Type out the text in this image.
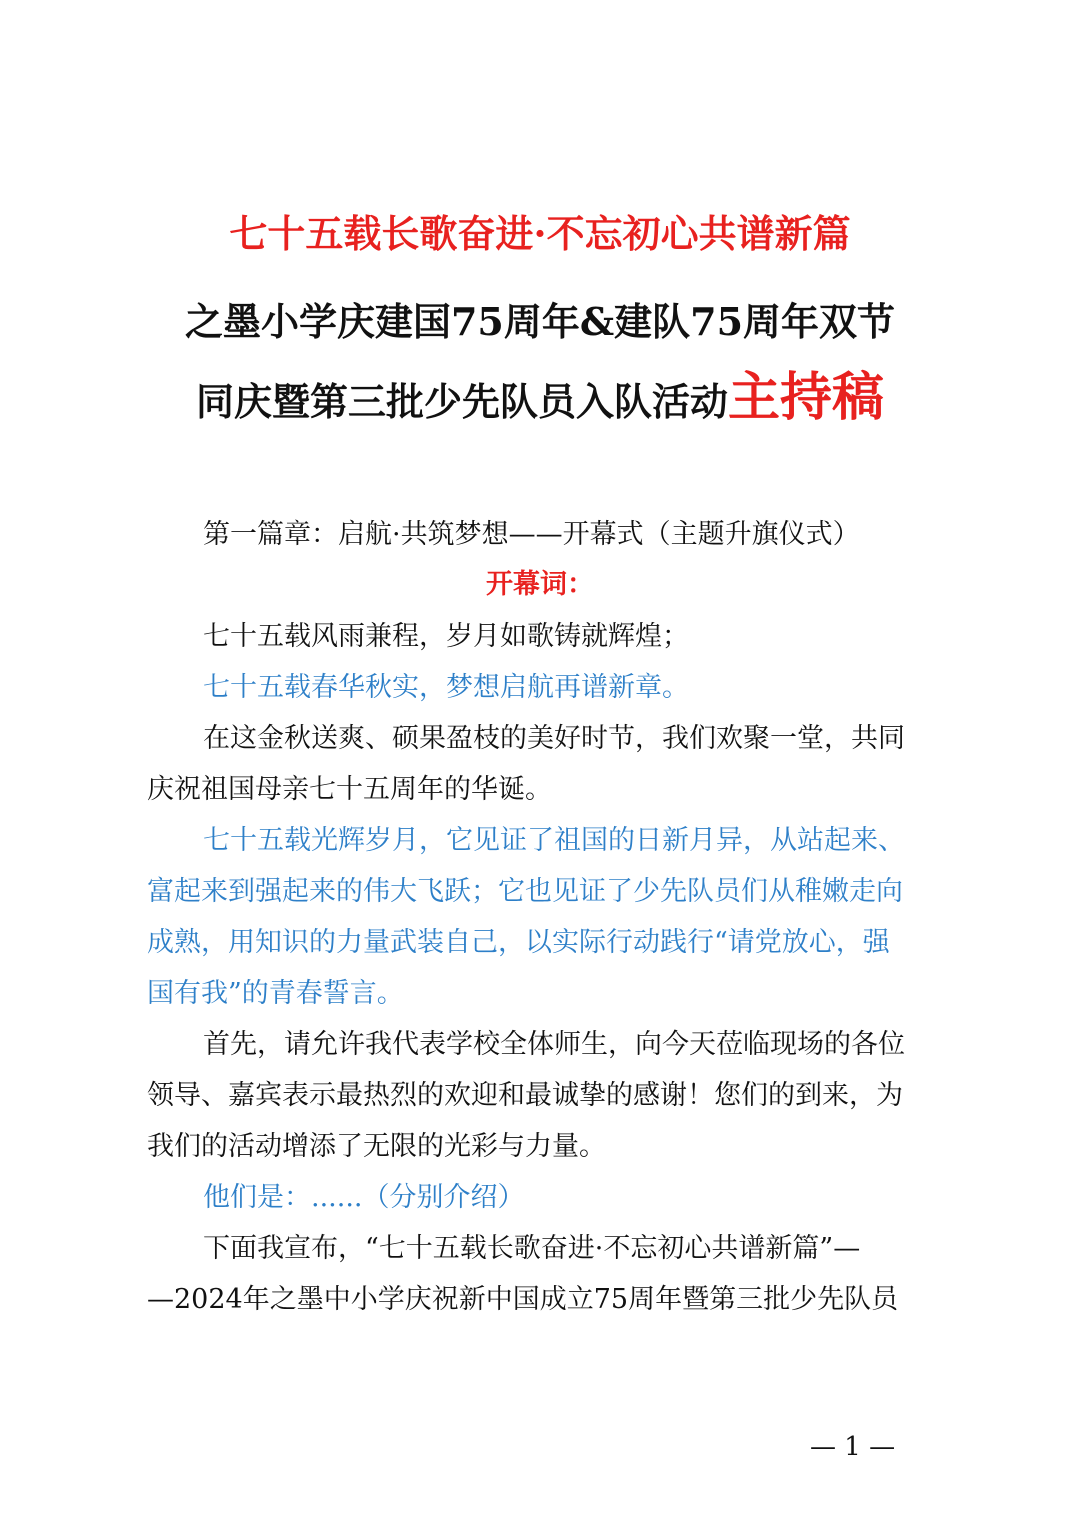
七十五载长歌奋进·不忘初心共谱新篇
之墨小学庆建国75周年&建队75周年双节
同庆暨第三批少先队员入队活动主持稿
第一篇章：启航·共筑梦想——开幕式（主题升旗仪式）
开幕词：
七十五载风雨兼程，岁月如歌铸就辉煌；
七十五载春华秋实，梦想启航再谱新章。
在这金秋送爽、硕果盈枝的美好时节，我们欢聚一堂，共同
庆祝祖国母亲七十五周年的华诞。
七十五载光辉岁月，它见证了祖国的日新月异，从站起来、
富起来到强起来的伟大飞跃；它也见证了少先队员们从稚嫩走向
成熟，用知识的力量武装自己，以实际行动践行“请党放心，强
国有我”的青春誓言。
首先，请允许我代表学校全体师生，向今天莅临现场的各位
领导、嘉宾表示最热烈的欢迎和最诚挚的感谢！您们的到来，为
我们的活动增添了无限的光彩与力量。
他们是：......（分别介绍）
下面我宣布，“七十五载长歌奋进·不忘初心共谱新篇”—
—2024年之墨中小学庆祝新中国成立75周年暨第三批少先队员
— 1 —
